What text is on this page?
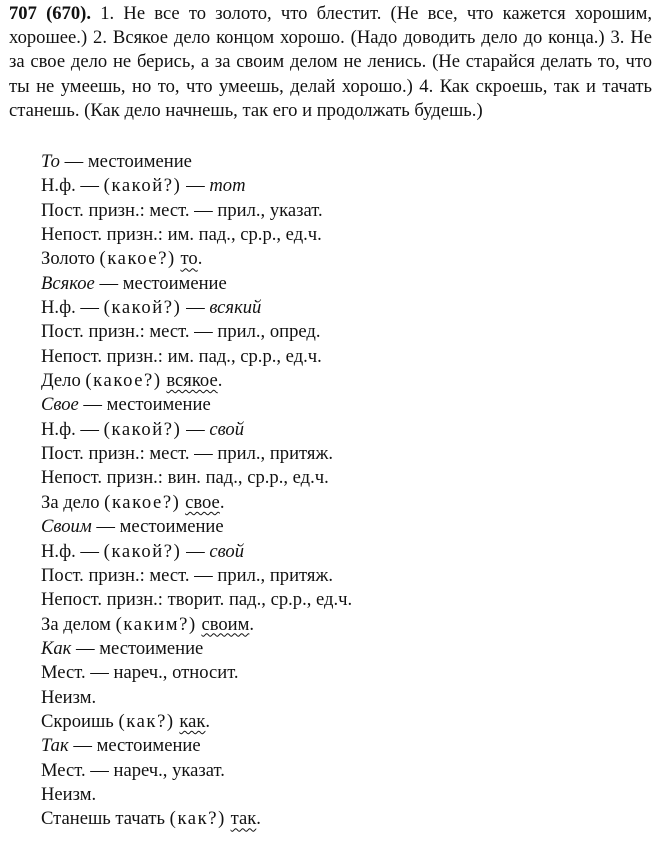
707 (670). 1. Не все то золото, что блестит. (Не все, что кажется хорошим, хорошее.) 2. Всякое дело концом хорошо. (Надо доводить дело до конца.) 3. Не за свое дело не берись, а за своим делом не ленись. (Не старайся делать то, что ты не умеешь, но то, что умеешь, делай хорошо.) 4. Как скроешь, так и тачать станешь. (Как дело начнешь, так его и продолжать будешь.)
То — местоимение
Н.ф. — (какой?) — тот
Пост. призн.: мест. — прил., указат.
Непост. призн.: им. пад., ср.р., ед.ч.
Золото (какое?) то.
Всякое — местоимение
Н.ф. — (какой?) — всякий
Пост. призн.: мест. — прил., опред.
Непост. призн.: им. пад., ср.р., ед.ч.
Дело (какое?) всякое.
Свое — местоимение
Н.ф. — (какой?) — свой
Пост. призн.: мест. — прил., притяж.
Непост. призн.: вин. пад., ср.р., ед.ч.
За дело (какое?) свое.
Своим — местоимение
Н.ф. — (какой?) — свой
Пост. призн.: мест. — прил., притяж.
Непост. призн.: творит. пад., ср.р., ед.ч.
За делом (каким?) своим.
Как — местоимение
Мест. — нареч., относит.
Неизм.
Скроишь (как?) как.
Так — местоимение
Мест. — нареч., указат.
Неизм.
Станешь тачать (как?) так.
